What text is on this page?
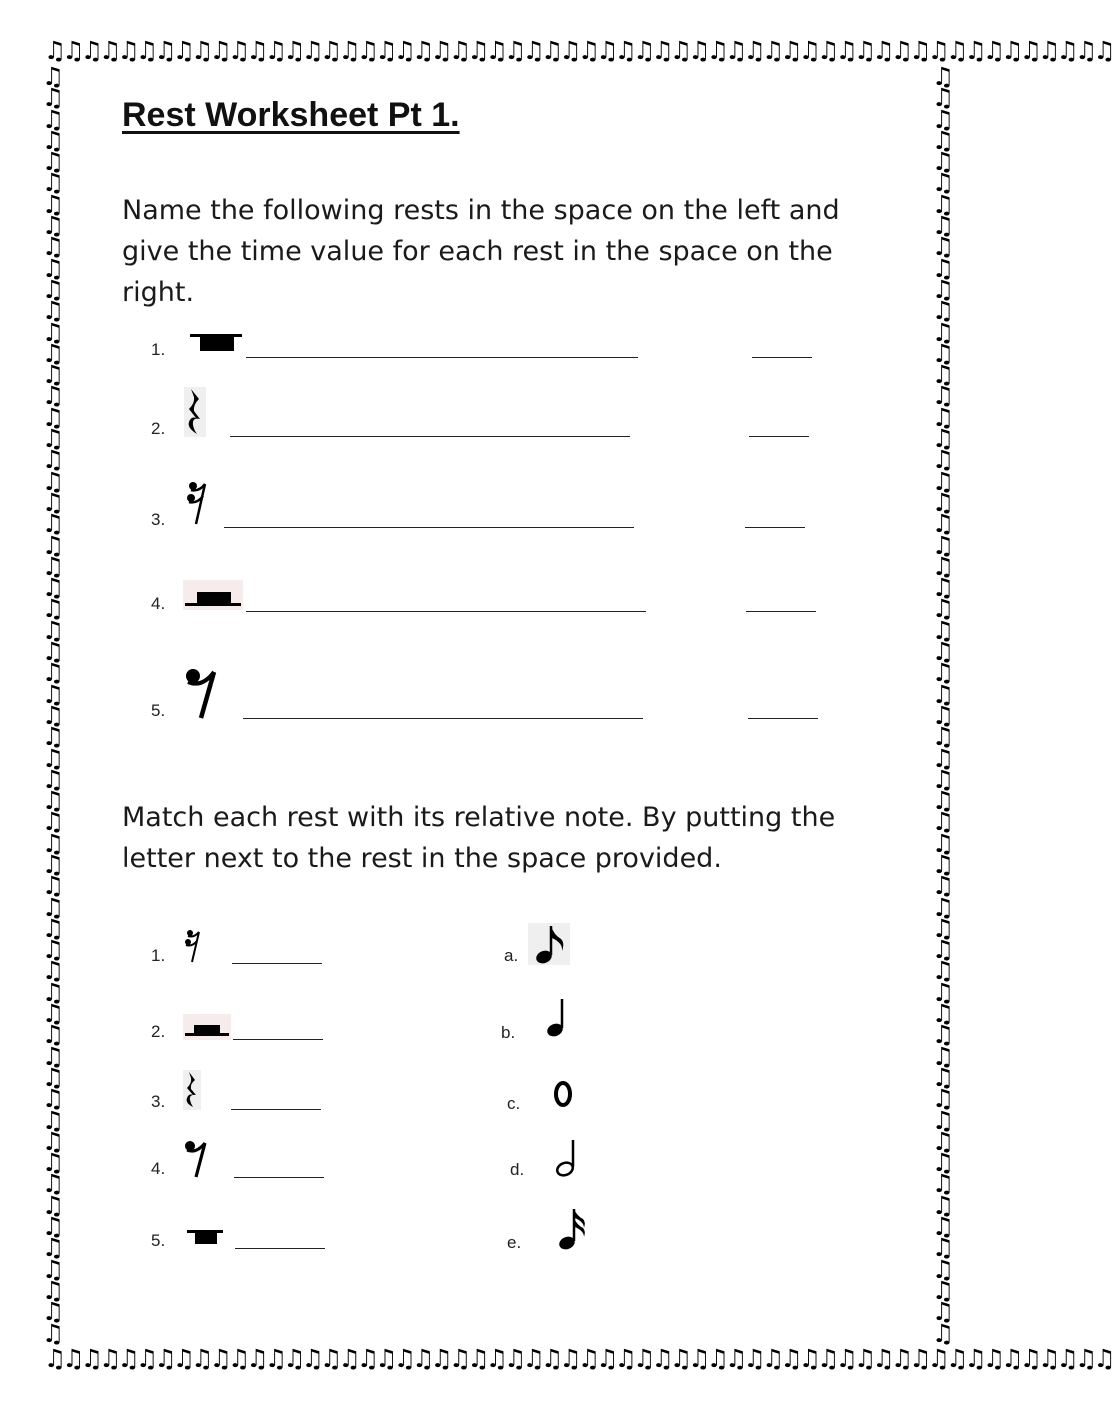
♫♫♫♫♫♫♫♫♫♫♫♫♫♫♫♫♫♫♫♫♫♫♫♫♫♫♫♫♫♫♫♫♫♫♫♫♫♫♫♫♫♫♫♫♫♫♫♫♫♫♫♫♫♫♫♫♫♫
♫♫♫♫♫♫♫♫♫♫♫♫♫♫♫♫♫♫♫♫♫♫♫♫♫♫♫♫♫♫♫♫♫♫♫♫♫♫♫♫♫♫♫♫♫♫♫♫♫♫♫♫♫♫♫♫♫♫
♫
♫
♫
♫
♫
♫
♫
♫
♫
♫
♫
♫
♫
♫
♫
♫
♫
♫
♫
♫
♫
♫
♫
♫
♫
♫
♫
♫
♫
♫
♫
♫
♫
♫
♫
♫
♫
♫
♫
♫
♫
♫
♫
♫
♫
♫
♫
♫
♫
♫
♫
♫
♫
♫
♫
♫
♫
♫
♫
♫
♫
♫
♫
♫
♫
♫
♫
♫
♫
♫
♫
♫
♫
♫
♫
♫
♫
♫
♫
♫
♫
♫
♫
♫
♫
♫
♫
♫
♫
♫
♫
♫
♫
♫
♫
♫
♫
♫
♫
♫
♫
♫
♫
♫
♫
♫
♫
♫
♫
♫
♫
♫
♫
♫
♫
♫
♫
♫
♫
♫
Rest Worksheet Pt 1.

Name the following rests in the space on the left and give the time value for each rest in the space on the right.

1.
2.
3.
4.
5.

Match each rest with its relative note. By putting the letter next to the rest in the space provided.

1.
2.
3.
4.
5.
a.
b.
c.
d.
e.
